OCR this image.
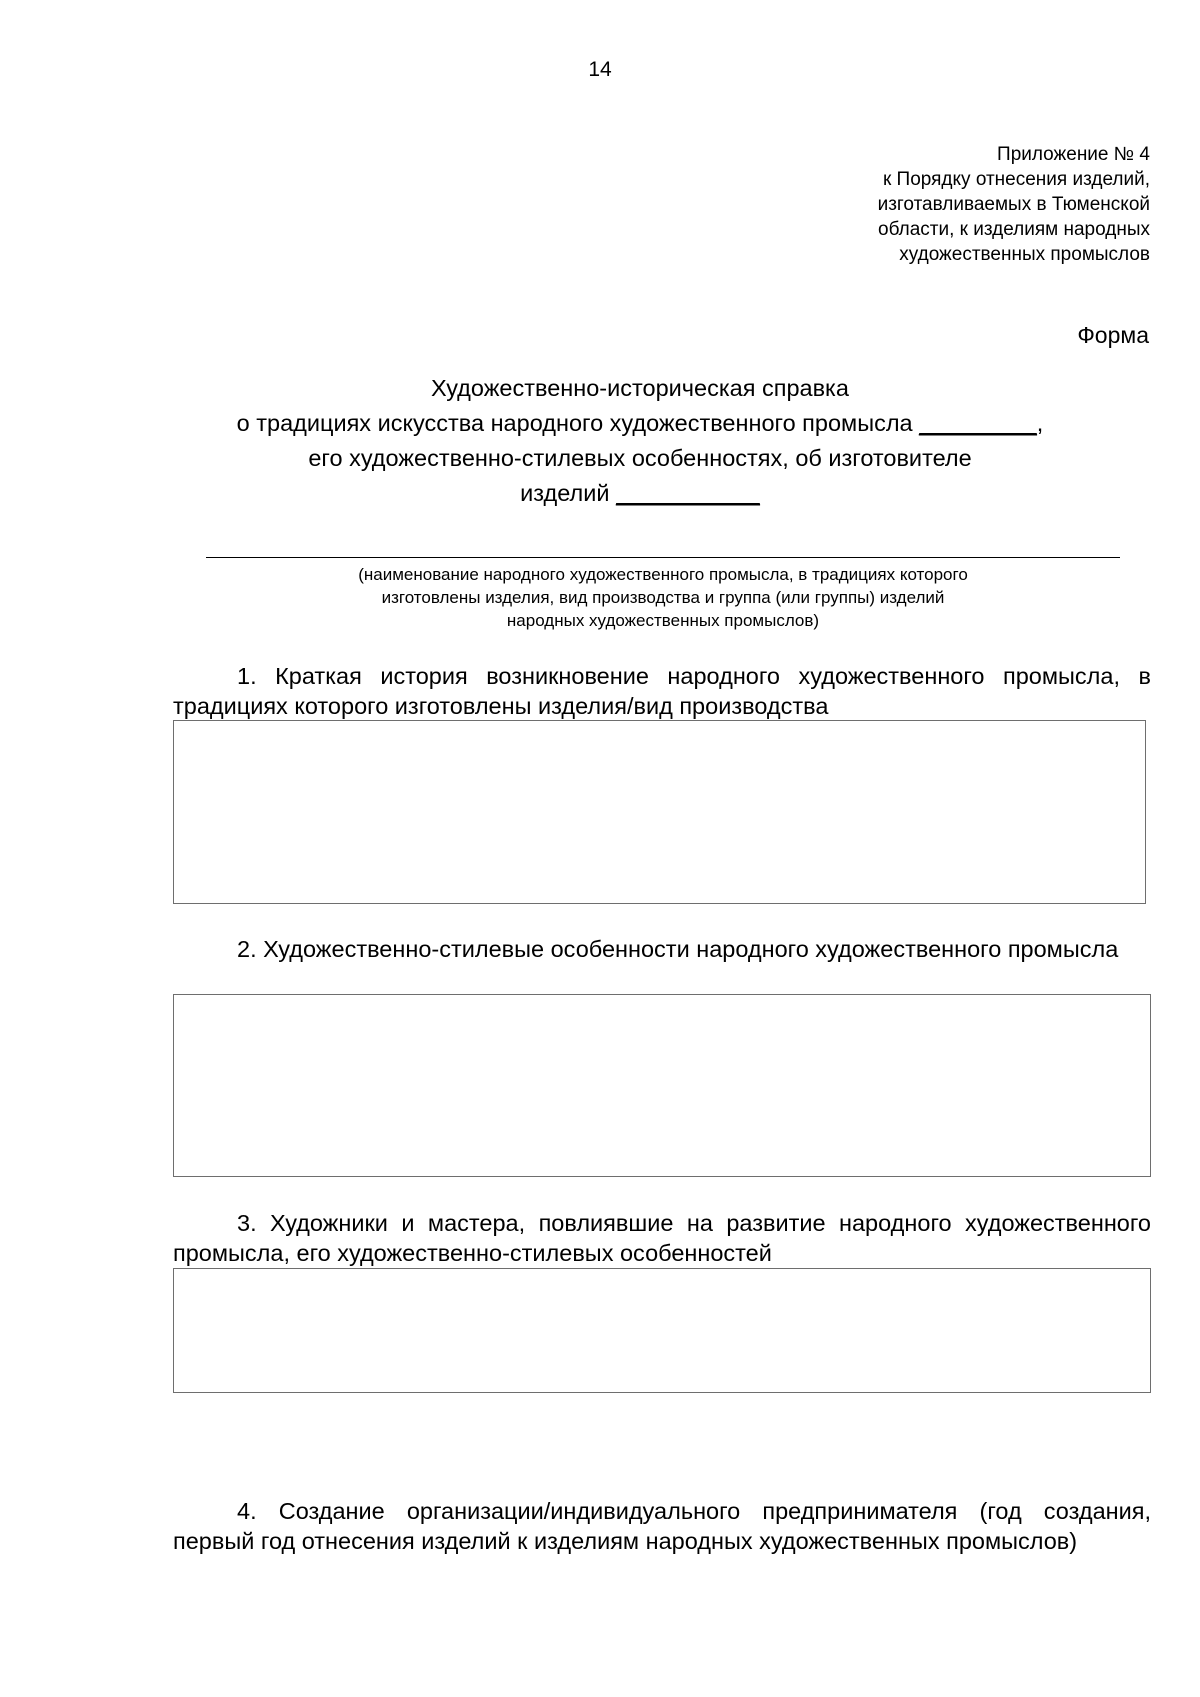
14
Приложение № 4
к Порядку отнесения изделий,
изготавливаемых в Тюменской
области, к изделиям народных
художественных промыслов
Форма
Художественно-историческая справка
о традициях искусства народного художественного промысла _________,
его художественно-стилевых особенностях, об изготовителе
изделий ___________
(наименование народного художественного промысла, в традициях которого
изготовлены изделия, вид производства и группа (или группы) изделий
народных художественных промыслов)
1. Краткая история возникновение народного художественного промысла, в традициях которого изготовлены изделия/вид производства
2. Художественно-стилевые особенности народного художественного промысла
3. Художники и мастера, повлиявшие на развитие народного художественного промысла, его художественно-стилевых особенностей
4. Создание организации/индивидуального предпринимателя (год создания, первый год отнесения изделий к изделиям народных художественных промыслов)
